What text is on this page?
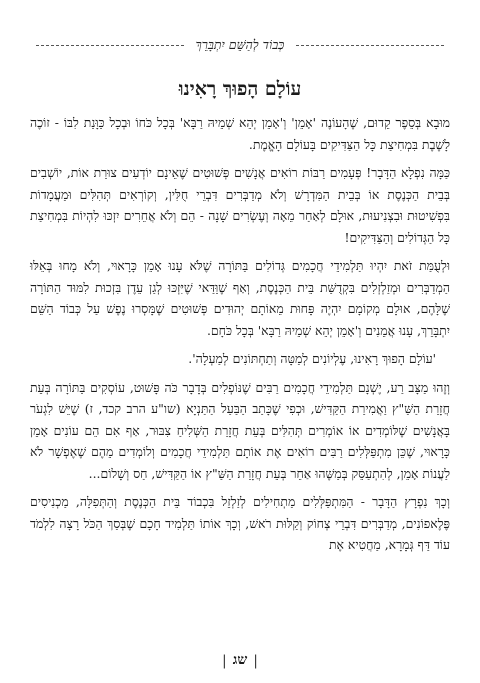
כְּבוֹד לְהַשֵּׁם יִתְבָּרֵךְ
עוֹלָם הָפוּךְ רָאִינוּ

מוּבָא בְּסֵפֶר קֵדוּם, שֶׁהָעוֹנֶה 'אָמֵן' וְ'אָמֵן יְהֵא שְׁמֵיהּ רַבָּא' בְּכָל כֹּחוֹ וּבְכָל כַּוָּנַת לִבּוֹ - זוֹכֶה לָשֶׁבֶת בִּמְחִיצַת כָּל הַצַּדִּיקִים בָּעוֹלָם הָאֱמֶת.

כַּמָּה נִפְלָא הַדָּבָר! פְּעָמִים רַבּוֹת רוֹאִים אֲנָשִׁים פְּשׁוּטִים שֶׁאֵינָם יוֹדְעִים צוּרַת אוֹת, יוֹשְׁבִים בְּבֵית הַכְּנֶסֶת אוֹ בְּבֵית הַמִּדְרָשׁ וְלֹא מְדַבְּרִים דִּבְרֵי חֻלִּין, וְקוֹרְאִים תְּהִלִּים וּמַעֲמָדוֹת בִּפְשִׁיטוּת וּבִצְנִיעוּת, אוּלָם לְאַחַר מֵאָה וְעֶשְׂרִים שָׁנָה - הֵם וְלֹא אֲחֵרִים יִזְכּוּ לִהְיוֹת בִּמְחִיצַת כָּל הַגְּדוֹלִים וְהַצַּדִּיקִים!

וּלְעֻמַּת זֹאת יִהְיוּ תַּלְמִידֵי חֲכָמִים גְּדוֹלִים בַּתּוֹרָה שֶׁלֹּא עָנוּ אָמֵן כָּרָאוּי, וְלֹא מָחוּ בְּאֵלּוּ הַמְדַבְּרִים וּמְזַלְזְלִים בִּקְדֻשַּׁת בֵּית הַכְּנֶסֶת, וְאַף שֶׁוַּדַּאי שֶׁיִּזְכּוּ לְגַן עֵדֶן בִּזְכוּת לִמּוּד הַתּוֹרָה שֶׁלָּהֶם, אוּלָם מְקוֹמָם יִהְיֶה פָּחוּת מֵאוֹתָם יְהוּדִים פְּשׁוּטִים שֶׁמָּסְרוּ נֶפֶשׁ עַל כְּבוֹד הַשֵּׁם יִתְבָּרֵךְ, עָנוּ אֲמֵנִים וְ'אָמֵן יְהֵא שְׁמֵיהּ רַבָּא' בְּכָל כֹּחָם.

'עוֹלָם הָפוּךְ רָאִינוּ, עֶלְיוֹנִים לְמַטָּה וְתַחְתּוֹנִים לְמַעְלָה'.

וְזֶהוּ מַצָּב רַע, יֶשְׁנָם תַּלְמִידֵי חֲכָמִים רַבִּים שֶׁנּוֹפְלִים בְּדָבָר כֹּה פָּשׁוּט, עוֹסְקִים בַּתּוֹרָה בְּעֵת חֲזָרַת הַשַּׁ"ץ וַאֲמִירַת הַקַּדִּישׁ, וּכְפִי שֶׁכָּתַב הַבַּעַל הַתַּנְיָא (שו"ע הרב קכד, ז) שֶׁיֵּשׁ לִגְעֹר בָּאֲנָשִׁים שֶׁלּוֹמְדִים אוֹ אוֹמְרִים תְּהִלִּים בְּעֵת חֲזָרַת הַשְּׁלִיחַ צִבּוּר, אַף אִם הֵם עוֹנִים אָמֵן כָּרָאוּי, שֶׁכֵּן מִתְפַּלְּלִים רַבִּים רוֹאִים אֶת אוֹתָם תַּלְמִידֵי חֲכָמִים וְלוֹמְדִים מֵהֶם שֶׁאֶפְשָׁר לֹא לַעֲנוֹת אָמֵן, לְהִתְעַסֵּק בְּמַשֶּׁהוּ אַחֵר בְּעֵת חֲזָרַת הַשַּׁ"ץ אוֹ הַקַּדִּישׁ, חַס וְשָׁלוֹם...

וְכָךְ נִפְרָץ הַדָּבָר - הַמִּתְפַּלְּלִים מַתְחִילִים לְזַלְזֵל בִּכְבוֹד בֵּית הַכְּנֶסֶת וְהַתְּפִלָּה, מַכְנִיסִים פֶּלֶאפוֹנִים, מְדַבְּרִים דִּבְרֵי צְחוֹק וְקַלּוּת רֹאשׁ, וְכָךְ אוֹתוֹ תַּלְמִיד חָכָם שֶׁבְּסַךְ הַכֹּל רָצָה לִלְמֹד עוֹד דַּף גְּמָרָא, מַחֲטִיא אֶת

|
שג
|
